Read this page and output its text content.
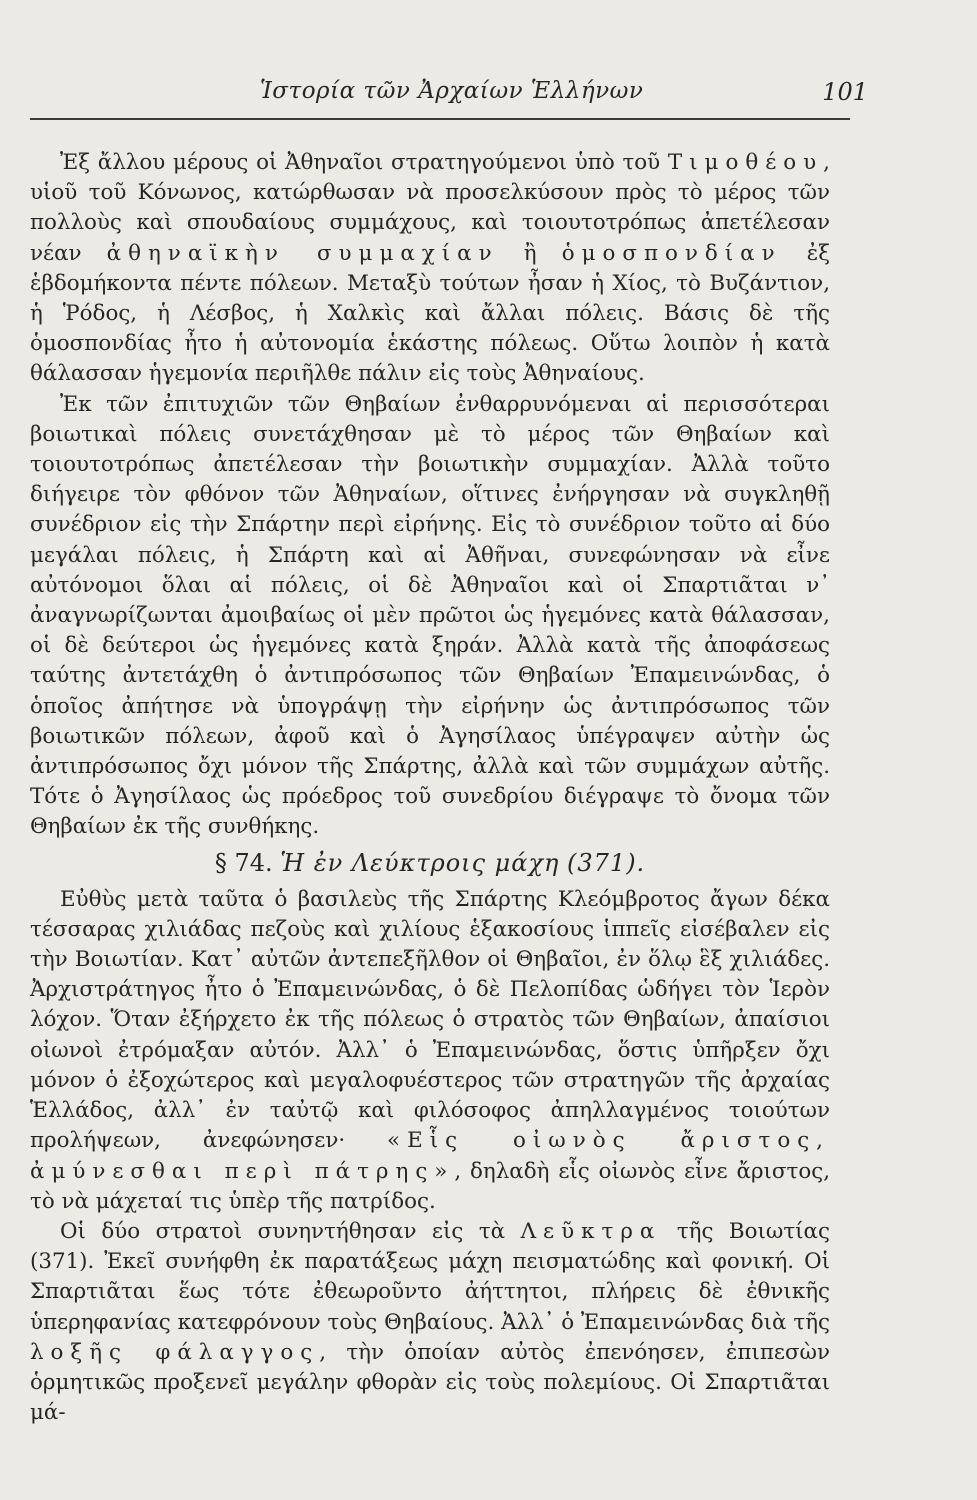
Ἱστορία τῶν Ἀρχαίων Ἑλλήνων	101

Ἐξ ἄλλου μέρους οἱ Ἀθηναῖοι στρατηγούμενοι ὑπὸ τοῦ Τιμοθέου, υἱοῦ τοῦ Κόνωνος, κατώρθωσαν νὰ προσελκύσουν πρὸς τὸ μέρος τῶν πολλοὺς καὶ σπουδαίους συμμάχους, καὶ τοιουτοτρόπως ἀπετέλεσαν νέαν ἀθηναϊκὴν συμμαχίαν ἢ ὁμοσπονδίαν ἐξ ἑβδομήκοντα πέντε πόλεων. Μεταξὺ τούτων ἦσαν ἡ Χίος, τὸ Βυζάντιον, ἡ Ῥόδος, ἡ Λέσβος, ἡ Χαλκὶς καὶ ἄλλαι πόλεις. Βάσις δὲ τῆς ὁμοσπονδίας ἦτο ἡ αὐτονομία ἑκάστης πόλεως. Οὕτω λοιπὸν ἡ κατὰ θάλασσαν ἡγεμονία περιῆλθε πάλιν εἰς τοὺς Ἀθηναίους.

Ἐκ τῶν ἐπιτυχιῶν τῶν Θηβαίων ἐνθαρρυνόμεναι αἱ περισσότεραι βοιωτικαὶ πόλεις συνετάχθησαν μὲ τὸ μέρος τῶν Θηβαίων καὶ τοιουτοτρόπως ἀπετέλεσαν τὴν βοιωτικὴν συμμαχίαν. Ἀλλὰ τοῦτο διήγειρε τὸν φθόνον τῶν Ἀθηναίων, οἵτινες ἐνήργησαν νὰ συγκληθῇ συνέδριον εἰς τὴν Σπάρτην περὶ εἰρήνης. Εἰς τὸ συνέδριον τοῦτο αἱ δύο μεγάλαι πόλεις, ἡ Σπάρτη καὶ αἱ Ἀθῆναι, συνεφώνησαν νὰ εἶνε αὐτόνομοι ὅλαι αἱ πόλεις, οἱ δὲ Ἀθηναῖοι καὶ οἱ Σπαρτιᾶται ν᾽ ἀναγνωρίζωνται ἀμοιβαίως οἱ μὲν πρῶτοι ὡς ἡγεμόνες κατὰ θάλασσαν, οἱ δὲ δεύτεροι ὡς ἡγεμόνες κατὰ ξηράν. Ἀλλὰ κατὰ τῆς ἀποφάσεως ταύτης ἀντετάχθη ὁ ἀντιπρόσωπος τῶν Θηβαίων Ἐπαμεινώνδας, ὁ ὁποῖος ἀπήτησε νὰ ὑπογράψῃ τὴν εἰρήνην ὡς ἀντιπρόσωπος τῶν βοιωτικῶν πόλεων, ἀφοῦ καὶ ὁ Ἀγησίλαος ὑπέγραψεν αὐτὴν ὡς ἀντιπρόσωπος ὄχι μόνον τῆς Σπάρτης, ἀλλὰ καὶ τῶν συμμάχων αὐτῆς. Τότε ὁ Ἀγησίλαος ὡς πρόεδρος τοῦ συνεδρίου διέγραψε τὸ ὄνομα τῶν Θηβαίων ἐκ τῆς συνθήκης.

§ 74. Ἡ ἐν Λεύκτροις μάχη (371).

Εὐθὺς μετὰ ταῦτα ὁ βασιλεὺς τῆς Σπάρτης Κλεόμβροτος ἄγων δέκα τέσσαρας χιλιάδας πεζοὺς καὶ χιλίους ἑξακοσίους ἱππεῖς εἰσέβαλεν εἰς τὴν Βοιωτίαν. Κατ᾽ αὐτῶν ἀντεπεξῆλθον οἱ Θηβαῖοι, ἐν ὅλῳ ἓξ χιλιάδες. Ἀρχιστράτηγος ἦτο ὁ Ἐπαμεινώνδας, ὁ δὲ Πελοπίδας ὡδήγει τὸν Ἱερὸν λόχον. Ὅταν ἐξήρχετο ἐκ τῆς πόλεως ὁ στρατὸς τῶν Θηβαίων, ἀπαίσιοι οἰωνοὶ ἐτρόμαξαν αὐτόν. Ἀλλ᾽ ὁ Ἐπαμεινώνδας, ὅστις ὑπῆρξεν ὄχι μόνον ὁ ἐξοχώτερος καὶ μεγαλοφυέστερος τῶν στρατηγῶν τῆς ἀρχαίας Ἑλλάδος, ἀλλ᾽ ἐν ταὐτῷ καὶ φιλόσοφος ἀπηλλαγμένος τοιούτων προλήψεων, ἀνεφώνησεν· «Εἷς οἰωνὸς ἄριστος, ἀμύνεσθαι περὶ πάτρης», δηλαδὴ εἷς οἰωνὸς εἶνε ἄριστος, τὸ νὰ μάχεταί τις ὑπὲρ τῆς πατρίδος.

Οἱ δύο στρατοὶ συνηντήθησαν εἰς τὰ Λεῦκτρα τῆς Βοιωτίας (371). Ἐκεῖ συνήφθη ἐκ παρατάξεως μάχη πεισματώδης καὶ φονική. Οἱ Σπαρτιᾶται ἕως τότε ἐθεωροῦντο ἀήττητοι, πλήρεις δὲ ἐθνικῆς ὑπερηφανίας κατεφρόνουν τοὺς Θηβαίους. Ἀλλ᾽ ὁ Ἐπαμεινώνδας διὰ τῆς λοξῆς φάλαγγος, τὴν ὁποίαν αὐτὸς ἐπενόησεν, ἐπιπεσὼν ὁρμητικῶς προξενεῖ μεγάλην φθορὰν εἰς τοὺς πολεμίους. Οἱ Σπαρτιᾶται μά-
